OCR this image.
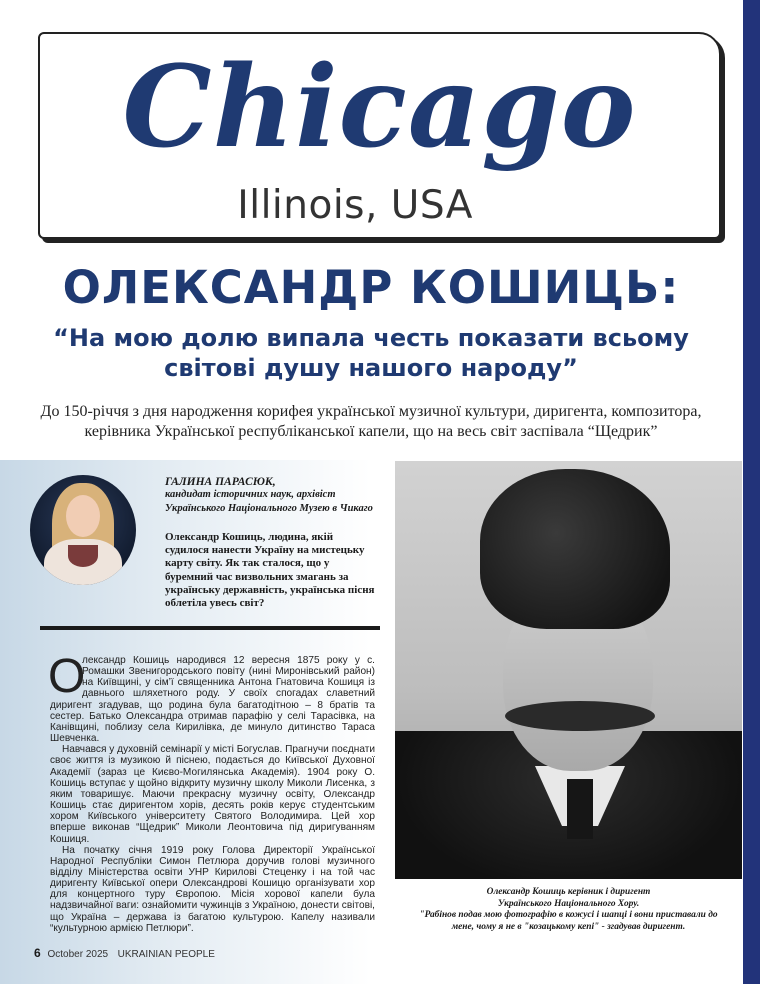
Chicago
Illinois, USA
ОЛЕКСАНДР КОШИЦЬ:
“На мою долю випала честь показати всьому світові душу нашого народу”
До 150-річчя з дня народження корифея української музичної культури, диригента, композитора, керівника Української республіканської капели, що на весь світ заспівала “Щедрик”
ГАЛИНА ПАРАСЮК,
кандидат історичних наук, архівіст Українського Національного Музею в Чикаго
Олександр Кошиць, людина, якій судилося нанести Україну на мистецьку карту світу. Як так сталося, що у буремний час визвольних змагань за українську державність, українська пісня облетіла увесь світ?

О
лександр Кошиць народився 12 вересня 1875 року у с. Ромашки Звенигородського повіту (нині Миронівський район) на Київщині, у сім’ї священника Антона Гнатовича Кошиця із давнього шляхетного роду. У своїх спогадах славетний диригент згадував, що родина була багатодітною – 8 братів та сестер. Батько Олександра отримав парафію у селі Тарасівка, на Канівщині, поблизу села Кирилівка, де минуло дитинство Тараса Шевченка.

Навчався у духовній семінарії у місті Богуслав. Прагнучи поєднати своє життя із музикою й піснею, подається до Київської Духовної Академії (зараз це Києво-Могилянська Академія). 1904 року О. Кошиць вступає у щойно відкриту музичну школу Миколи Лисенка, з яким товаришує. Маючи прекрасну музичну освіту, Олександр Кошиць стає диригентом хорів, десять років керує студентським хором Київського університету Святого Володимира. Цей хор вперше виконав “Щедрик” Миколи Леонтовича під диригуванням Кошиця.

На початку січня 1919 року Голова Директорії Української Народної Республіки Симон Петлюра доручив голові музичного відділу Міністерства освіти УНР Кирилові Стеценку і на той час диригенту Київської опери Олександрові Кошицю організувати хор для концертного туру Європою. Місія хорової капели була надзвичайної ваги: ознайомити чужинців з Україною, донести світові, що Україна – держава із багатою культурою. Капелу називали “культурною армією Петлюри”.

Олександр Кошиць керівник і диригент
Українського Національного Хору.
"Рабінов подав мою фотографію в кожусі і шапці і вони приставали до
мене, чому я не в "козацькому кепі" - згадував диригент.
6 October 2025 UKRAINIAN PEOPLE
